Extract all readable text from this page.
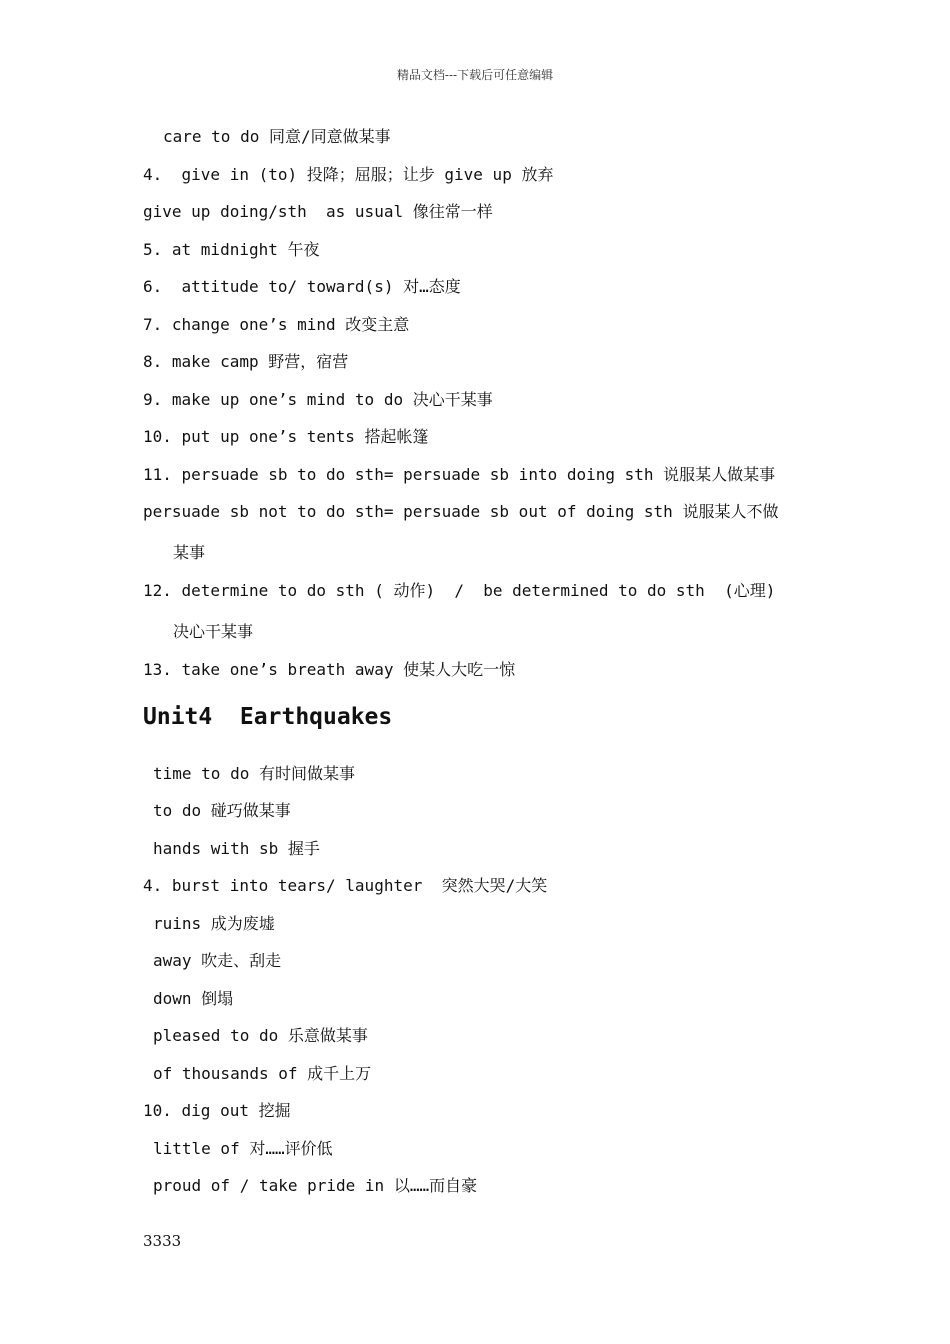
精品文档---下载后可任意编辑
care to do 同意/同意做某事
4.  give in (to) 投降；屈服；让步 give up 放弃
give up doing/sth  as usual 像往常一样
5. at midnight 午夜
6.  attitude to/ toward(s) 对…态度
7. change one’s mind 改变主意
8. make camp 野营，宿营
9. make up one’s mind to do 决心干某事
10. put up one’s tents 搭起帐篷
11. persuade sb to do sth= persuade sb into doing sth 说服某人做某事
persuade sb not to do sth= persuade sb out of doing sth 说服某人不做
某事
12. determine to do sth ( 动作)  /  be determined to do sth  (心理)
决心干某事
13. take one’s breath away 使某人大吃一惊
Unit4  Earthquakes
time to do 有时间做某事
to do 碰巧做某事
hands with sb 握手
4. burst into tears/ laughter  突然大哭/大笑
ruins 成为废墟
away 吹走、刮走
down 倒塌
pleased to do 乐意做某事
of thousands of 成千上万
10. dig out 挖掘
little of 对……评价低
proud of / take pride in 以……而自豪
3333
